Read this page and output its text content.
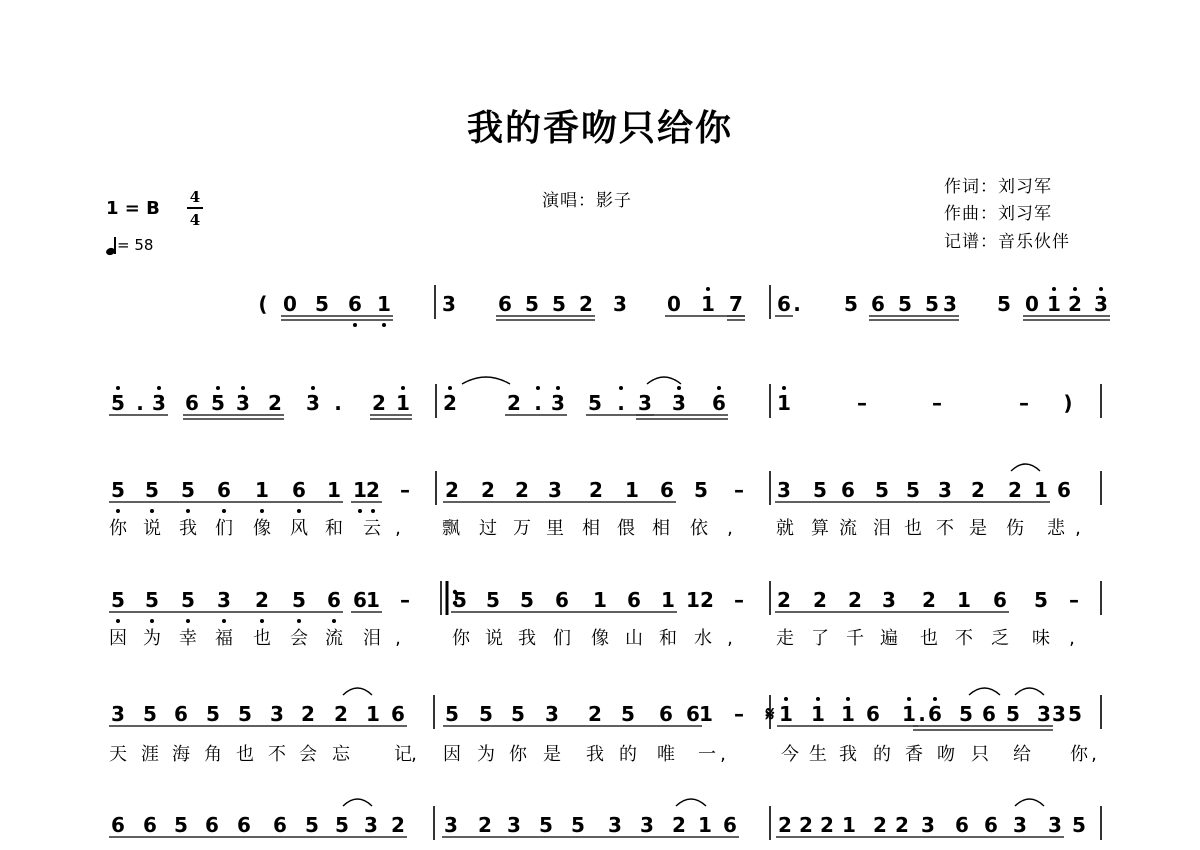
我的香吻只给你
演唱：影子
作词：刘习军
作曲：刘习军
记谱：音乐伙伴
1 = B
4
4
= 58
( 0 5 6 1	3 6 5 5 2 3 0 1 7 6 . 5 6 5 5 3 5 0 1 2 3
5 . 3 6 5 3 2 3 . 2 1 2	2 . 3 5 . 3 3 6	1	–	–	– )
5 5 5 6 1 6 1 1 2 – 2 2 2 3 2 1 6 5 – 3 5 6 5 5 3 2 2 1 6
你 说 我 们 像 风 和 云 , 飘 过 万 里 相 偎 相 依 , 就 算 流 泪 也 不 是 伤 悲 ,
5 5 5 3 2 5 6 6 1 – 5 5 5 6 1 6 1 1 2 – 2 2 2 3 2 1 6 5 –
因 为 幸 福 也 会 流 泪 ,	你 说 我 们 像 山 和 水 , 走 了 千 遍 也 不 乏 味 ,
3 5 6 5 5 3 2 2 1 6 5 5 5 3 2 5 6 6 1 – 𝄋 1 1 1 6 1 . 6 5 6 5 3 3 5
天 涯 海 角 也 不 会 忘 记 , 因 为 你 是 我 的 唯 一 ,	今 生 我 的 香 吻 只 给 你 ,
6 6 5 6 6 6 5 5 3 2 3 2 3 5 5 3 3 2 1 6 2 2 2 1 2 2 3 6 6 3 3 5
